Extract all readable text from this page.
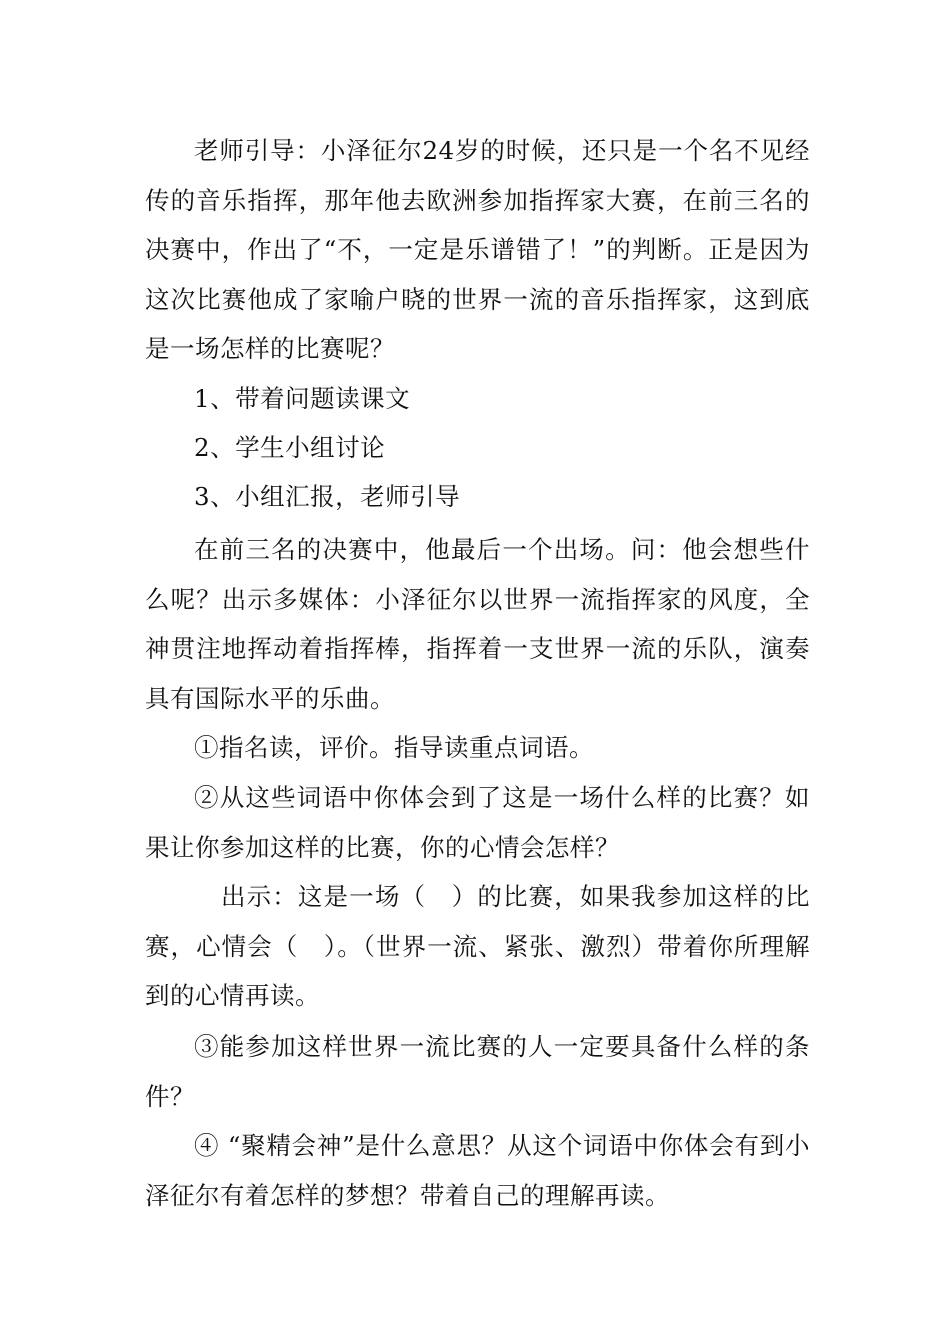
老师引导：小泽征尔24岁的时候，还只是一个名不见经传的音乐指挥，那年他去欧洲参加指挥家大赛，在前三名的决赛中，作出了“不，一定是乐谱错了！”的判断。正是因为这次比赛他成了家喻户晓的世界一流的音乐指挥家，这到底是一场怎样的比赛呢？

1、带着问题读课文

2、学生小组讨论

3、小组汇报，老师引导

在前三名的决赛中，他最后一个出场。问：他会想些什么呢？出示多媒体：小泽征尔以世界一流指挥家的风度，全神贯注地挥动着指挥棒，指挥着一支世界一流的乐队，演奏具有国际水平的乐曲。

①指名读，评价。指导读重点词语。

②从这些词语中你体会到了这是一场什么样的比赛？如果让你参加这样的比赛，你的心情会怎样？

出示：这是一场（　）的比赛，如果我参加这样的比赛，心情会（　）。（世界一流、紧张、激烈）带着你所理解到的心情再读。

③能参加这样世界一流比赛的人一定要具备什么样的条件？

④ “聚精会神”是什么意思？从这个词语中你体会有到小泽征尔有着怎样的梦想？带着自己的理解再读。
